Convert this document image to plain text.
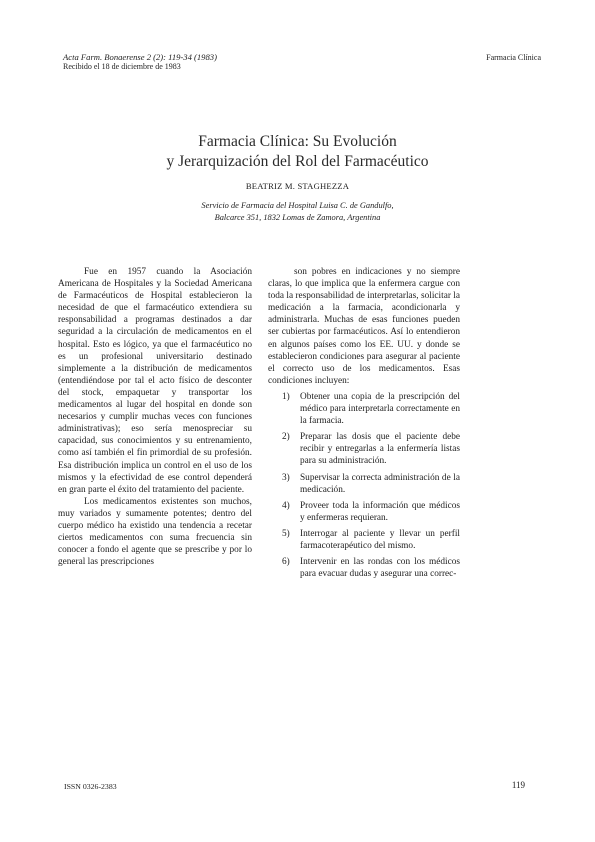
Acta Farm. Bonaerense 2 (2): 119-34 (1983)
Recibido el 18 de diciembre de 1983
Farmacia Clínica
Farmacia Clínica: Su Evolución
y Jerarquización del Rol del Farmacéutico
BEATRIZ M. STAGHEZZA
Servicio de Farmacia del Hospital Luisa C. de Gandulfo,
Balcarce 351, 1832 Lomas de Zamora, Argentina

Fue en 1957 cuando la Asociación Americana de Hospitales y la Sociedad Americana de Farmacéuticos de Hospital establecieron la necesidad de que el farmacéutico extendiera su responsabilidad a programas destinados a dar seguridad a la circulación de medicamentos en el hospital. Esto es lógico, ya que el farmacéutico no es un profesional universitario destinado simplemente a la distribución de medicamentos (entendiéndose por tal el acto físico de desconter del stock, empaquetar y transportar los medicamentos al lugar del hospital en donde son necesarios y cumplir muchas veces con funciones administrativas); eso sería menospreciar su capacidad, sus conocimientos y su entrenamiento, como así también el fin primordial de su profesión. Esa distribución implica un control en el uso de los mismos y la efectividad de ese control dependerá en gran parte el éxito del tratamiento del paciente.

Los medicamentos existentes son muchos, muy variados y sumamente potentes; dentro del cuerpo médico ha existido una tendencia a recetar ciertos medicamentos con suma frecuencia sin conocer a fondo el agente que se prescribe y por lo general las prescripciones

son pobres en indicaciones y no siempre claras, lo que implica que la enfermera cargue con toda la responsabilidad de interpretarlas, solicitar la medicación a la farmacia, acondicionarla y administrarla. Muchas de esas funciones pueden ser cubiertas por farmacéuticos. Así lo entendieron en algunos países como los EE. UU. y donde se establecieron condiciones para asegurar al paciente el correcto uso de los medicamentos. Esas condiciones incluyen:

1) Obtener una copia de la prescripción del médico para interpretarla correctamente en la farmacia.
2) Preparar las dosis que el paciente debe recibir y entregarlas a la enfermería listas para su administración.
3) Supervisar la correcta administración de la medicación.
4) Proveer toda la información que médicos y enfermeras requieran.
5) Interrogar al paciente y llevar un perfil farmacoterapéutico del mismo.
6) Intervenir en las rondas con los médicos para evacuar dudas y asegurar una correc-
ISSN 0326-2383	119
